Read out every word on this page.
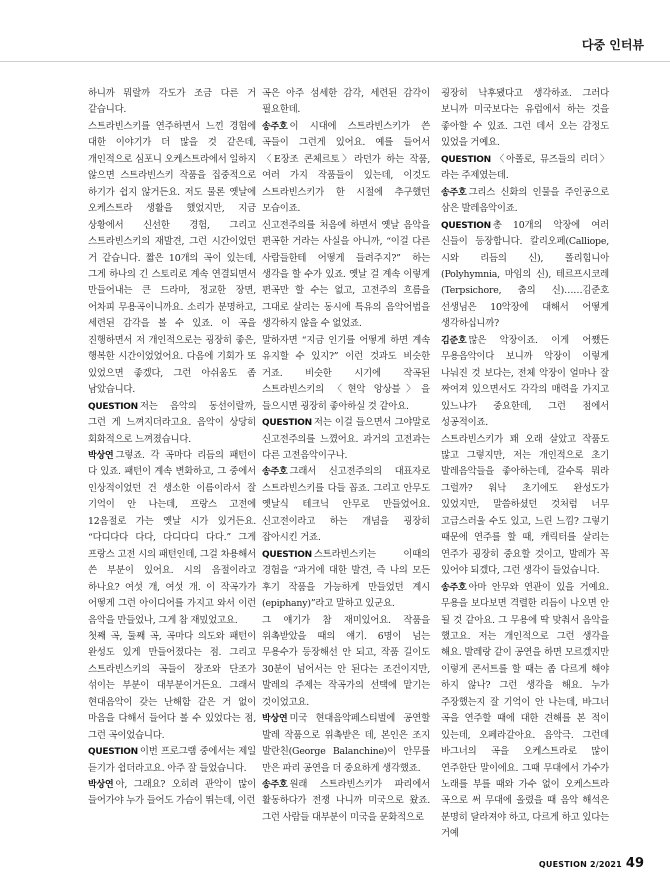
다중 인터뷰

하니까 뭐랄까 각도가 조금 다른 거 같습니다.

스트라빈스키를 연주하면서 느낀 경험에 대한 이야기가 더 많을 것 같은데, 개인적으로 심포니 오케스트라에서 일하지 않으면 스트라빈스키 작품을 집중적으로 하기가 쉽지 않거든요. 저도 물론 옛날에 오케스트라 생활을 했었지만, 지금 상황에서 신선한 경험, 그리고 스트라빈스키의 재발견, 그런 시간이었던 거 같습니다. 짧은 10개의 곡이 있는데, 그게 하나의 긴 스토리로 계속 연결되면서 만들어내는 큰 드라마, 정교한 장면, 어차피 무용곡이니까요. 소리가 분명하고, 세련된 감각을 볼 수 있죠. 이 곡을 진행하면서 저 개인적으로는 굉장히 좋은, 행복한 시간이었었어요. 다음에 기회가 또 있었으면 좋겠다, 그런 아쉬움도 좀 남았습니다.

QUESTION 저는 음악의 동선이랄까, 그런 게 느껴지더라고요. 음악이 상당히 회화적으로 느껴졌습니다.

박상연 그렇죠. 각 곡마다 리듬의 패턴이 다 있죠. 패턴이 계속 변화하고, 그 중에서 인상적이었던 건 생소한 이름이라서 잘 기억이 안 나는데, 프랑스 고전에 12음절로 가는 옛날 시가 있거든요. “다디다다 다다, 다디다디 다다.” 그게 프랑스 고전 시의 패턴인데, 그걸 차용해서 쓴 부분이 있어요. 시의 음절이라고 하나요? 여섯 개, 여섯 개. 이 작곡가가 어떻게 그런 아이디어를 가지고 와서 이런 음악을 만들었나, 그게 참 재밌었고요.

첫째 곡, 둘째 곡, 곡마다 의도와 패턴이 완성도 있게 만들어졌다는 점. 그리고 스트라빈스키의 곡들이 장조와 단조가 섞이는 부분이 대부분이거든요. 그래서 현대음악이 갖는 난해함 같은 거 없이 마음을 다해서 들어다 볼 수 있었다는 점, 그런 곡이었습니다.

QUESTION 이번 프로그램 중에서는 제일 듣기가 쉽더라고요. 아주 잘 들었습니다.

박상연 아, 그래요? 오히려 관악이 많이 들어가야 누가 들어도 가슴이 뛰는데, 이런

곡은 아주 섬세한 감각, 세련된 감각이 필요한데.

송주호 이 시대에 스트라빈스키가 쓴 곡들이 그런게 있어요. 예를 들어서 〈E장조 콘체르토〉라던가 하는 작품, 여러 가지 작품들이 있는데, 이것도 스트라빈스키가 한 시절에 추구했던 모습이죠.

신고전주의를 처음에 하면서 옛날 음악을 편곡한 거라는 사실을 아니까, “이걸 다른 사람들한테 어떻게 들려주지?” 하는 생각을 할 수가 있죠. 옛날 걸 계속 이렇게 편곡만 할 수는 없고, 고전주의 흐름을 그대로 살리는 동시에 특유의 음악어법을 생각하지 않을 수 없었죠.

말하자면 “지금 인기를 어떻게 하면 계속 유지할 수 있지?” 이런 것과도 비슷한 거죠. 비슷한 시기에 작곡된 스트라빈스키의 〈현악 앙상블〉을 들으시면 굉장히 좋아하실 것 같아요.

QUESTION 저는 이걸 들으면서 그야말로 신고전주의를 느꼈어요. 과거의 고전과는 다른 고전음악이구나.

송주호 그래서 신고전주의의 대표자로 스트라빈스키를 다들 꼽죠. 그리고 안무도 옛날식 테크닉 안무로 만들었어요. 신고전이라고 하는 개념을 굉장히 잡아시킨 거죠.

QUESTION 스트라빈스키는 이때의 경험을 “과거에 대한 발견, 즉 나의 모든 후기 작품을 가능하게 만들었던 계시(epiphany)”라고 말하고 있군요.

그 얘기가 참 재미있어요. 작품을 위촉받았을 때의 얘기. 6명이 넘는 무용수가 등장해선 안 되고, 작품 길이도 30분이 넘어서는 안 된다는 조건이지만, 발레의 주제는 작곡가의 선택에 맡기는 것이었고요.

박상연 미국 현대음악페스티벌에 공연할 발레 작품으로 위촉받은 데, 본인은 조지 발란친(George Balanchine)이 안무를 만은 파리 공연을 더 중요하게 생각했죠.

송주호 원래 스트라빈스키가 파리에서 활동하다가 전쟁 나니까 미국으로 왔죠. 그런 사람들 대부분이 미국을 문화적으로

굉장히 낙후됐다고 생각하죠. 그러다 보니까 미국보다는 유럽에서 하는 것을 좋아할 수 있죠. 그런 데서 오는 감정도 있었을 거예요.

QUESTION 〈아폴로, 뮤즈들의 리더〉라는 주제였는데.

송주호 그리스 신화의 인물을 주인공으로 삼은 발레음악이죠.

QUESTION 총 10개의 악장에 여러 신들이 등장합니다. 칼리오페(Calliope, 시와 리듬의 신), 폴리힘니아(Polyhymnia, 마임의 신), 테르프시코레(Terpsichore, 춤의 신)……김준호 선생님은 10악장에 대해서 어떻게 생각하십니까?

김준호 많은 악장이죠. 이게 어쨌든 무용음악이다 보니까 악장이 이렇게 나눠진 것 보다는, 전체 악장이 얼마나 잘 짜여져 있으면서도 각각의 매력을 가지고 있느냐가 중요한데, 그런 점에서 성공적이죠.

스트라빈스키가 꽤 오래 살았고 작품도 많고 그렇지만, 저는 개인적으로 초기 발레음악들을 좋아하는데, 갈수록 뭐라 그럴까? 워낙 초기에도 완성도가 있었지만, 말씀하셨던 것처럼 너무 고급스러울 수도 있고, 느린 느낌? 그렇기 때문에 연주를 할 때, 캐릭터를 살리는 연주가 굉장히 중요할 것이고, 발레가 꼭 있어야 되겠다, 그런 생각이 들었습니다.

송주호 아마 안무와 연관이 있을 거예요. 무용을 보다보면 격렬한 리듬이 나오면 안 될 것 같아요. 그 무용에 딱 맞춰서 음악을 했고요. 저는 개인적으로 그런 생각을 해요. 발레랑 같이 공연을 하면 모르겠지만 이렇게 콘서트를 할 때는 좀 다르게 해야 하지 않나? 그런 생각을 해요. 누가 주장했는지 잘 기억이 안 나는데, 바그너 곡을 연주할 때에 대한 견해를 본 적이 있는데, 오페라같아요. 음악극. 그런데 바그너의 곡을 오케스트라로 많이 연주한단 말이에요. 그때 무대에서 가수가 노래를 부를 때와 가수 없이 오케스트라 곡으로 써 무대에 올렸을 때 음악 해석은 분명히 달라져야 하고, 다르게 하고 있다는 거예

QUESTION 2/2021 49
